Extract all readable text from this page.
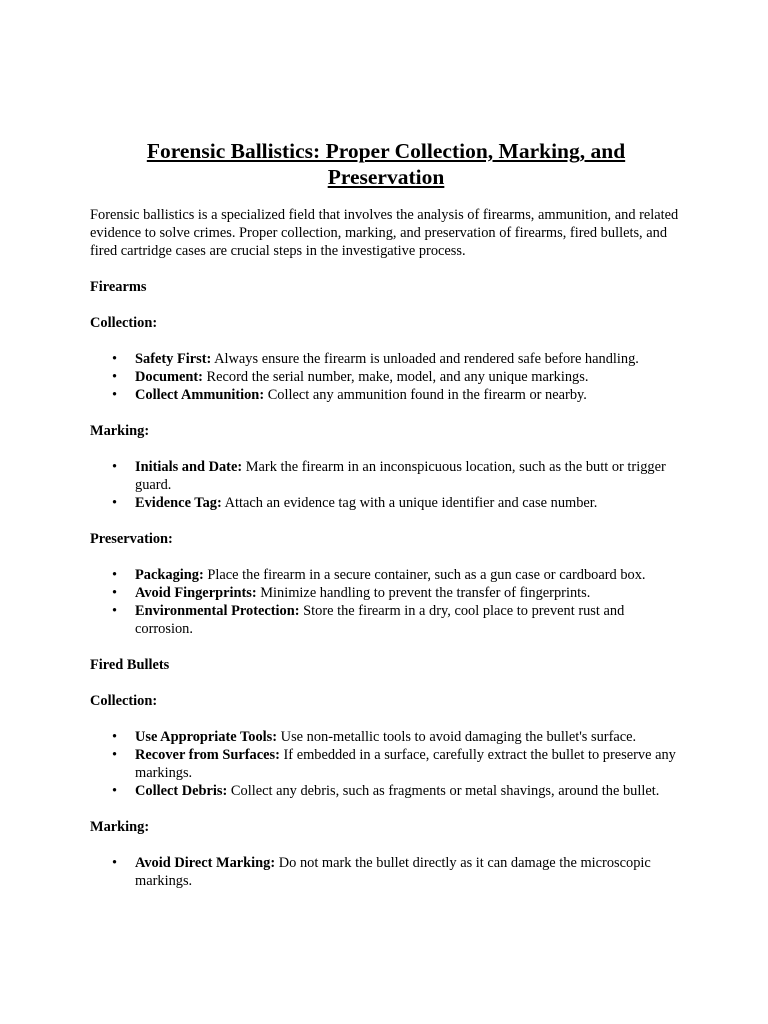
Forensic Ballistics: Proper Collection, Marking, and Preservation

Forensic ballistics is a specialized field that involves the analysis of firearms, ammunition, and related evidence to solve crimes. Proper collection, marking, and preservation of firearms, fired bullets, and fired cartridge cases are crucial steps in the investigative process.

Firearms
Collection:
• Safety First: Always ensure the firearm is unloaded and rendered safe before handling.
• Document: Record the serial number, make, model, and any unique markings.
• Collect Ammunition: Collect any ammunition found in the firearm or nearby.
Marking:
• Initials and Date: Mark the firearm in an inconspicuous location, such as the butt or trigger guard.
• Evidence Tag: Attach an evidence tag with a unique identifier and case number.
Preservation:
• Packaging: Place the firearm in a secure container, such as a gun case or cardboard box.
• Avoid Fingerprints: Minimize handling to prevent the transfer of fingerprints.
• Environmental Protection: Store the firearm in a dry, cool place to prevent rust and corrosion.
Fired Bullets
Collection:
• Use Appropriate Tools: Use non-metallic tools to avoid damaging the bullet's surface.
• Recover from Surfaces: If embedded in a surface, carefully extract the bullet to preserve any markings.
• Collect Debris: Collect any debris, such as fragments or metal shavings, around the bullet.
Marking:
• Avoid Direct Marking: Do not mark the bullet directly as it can damage the microscopic markings.
